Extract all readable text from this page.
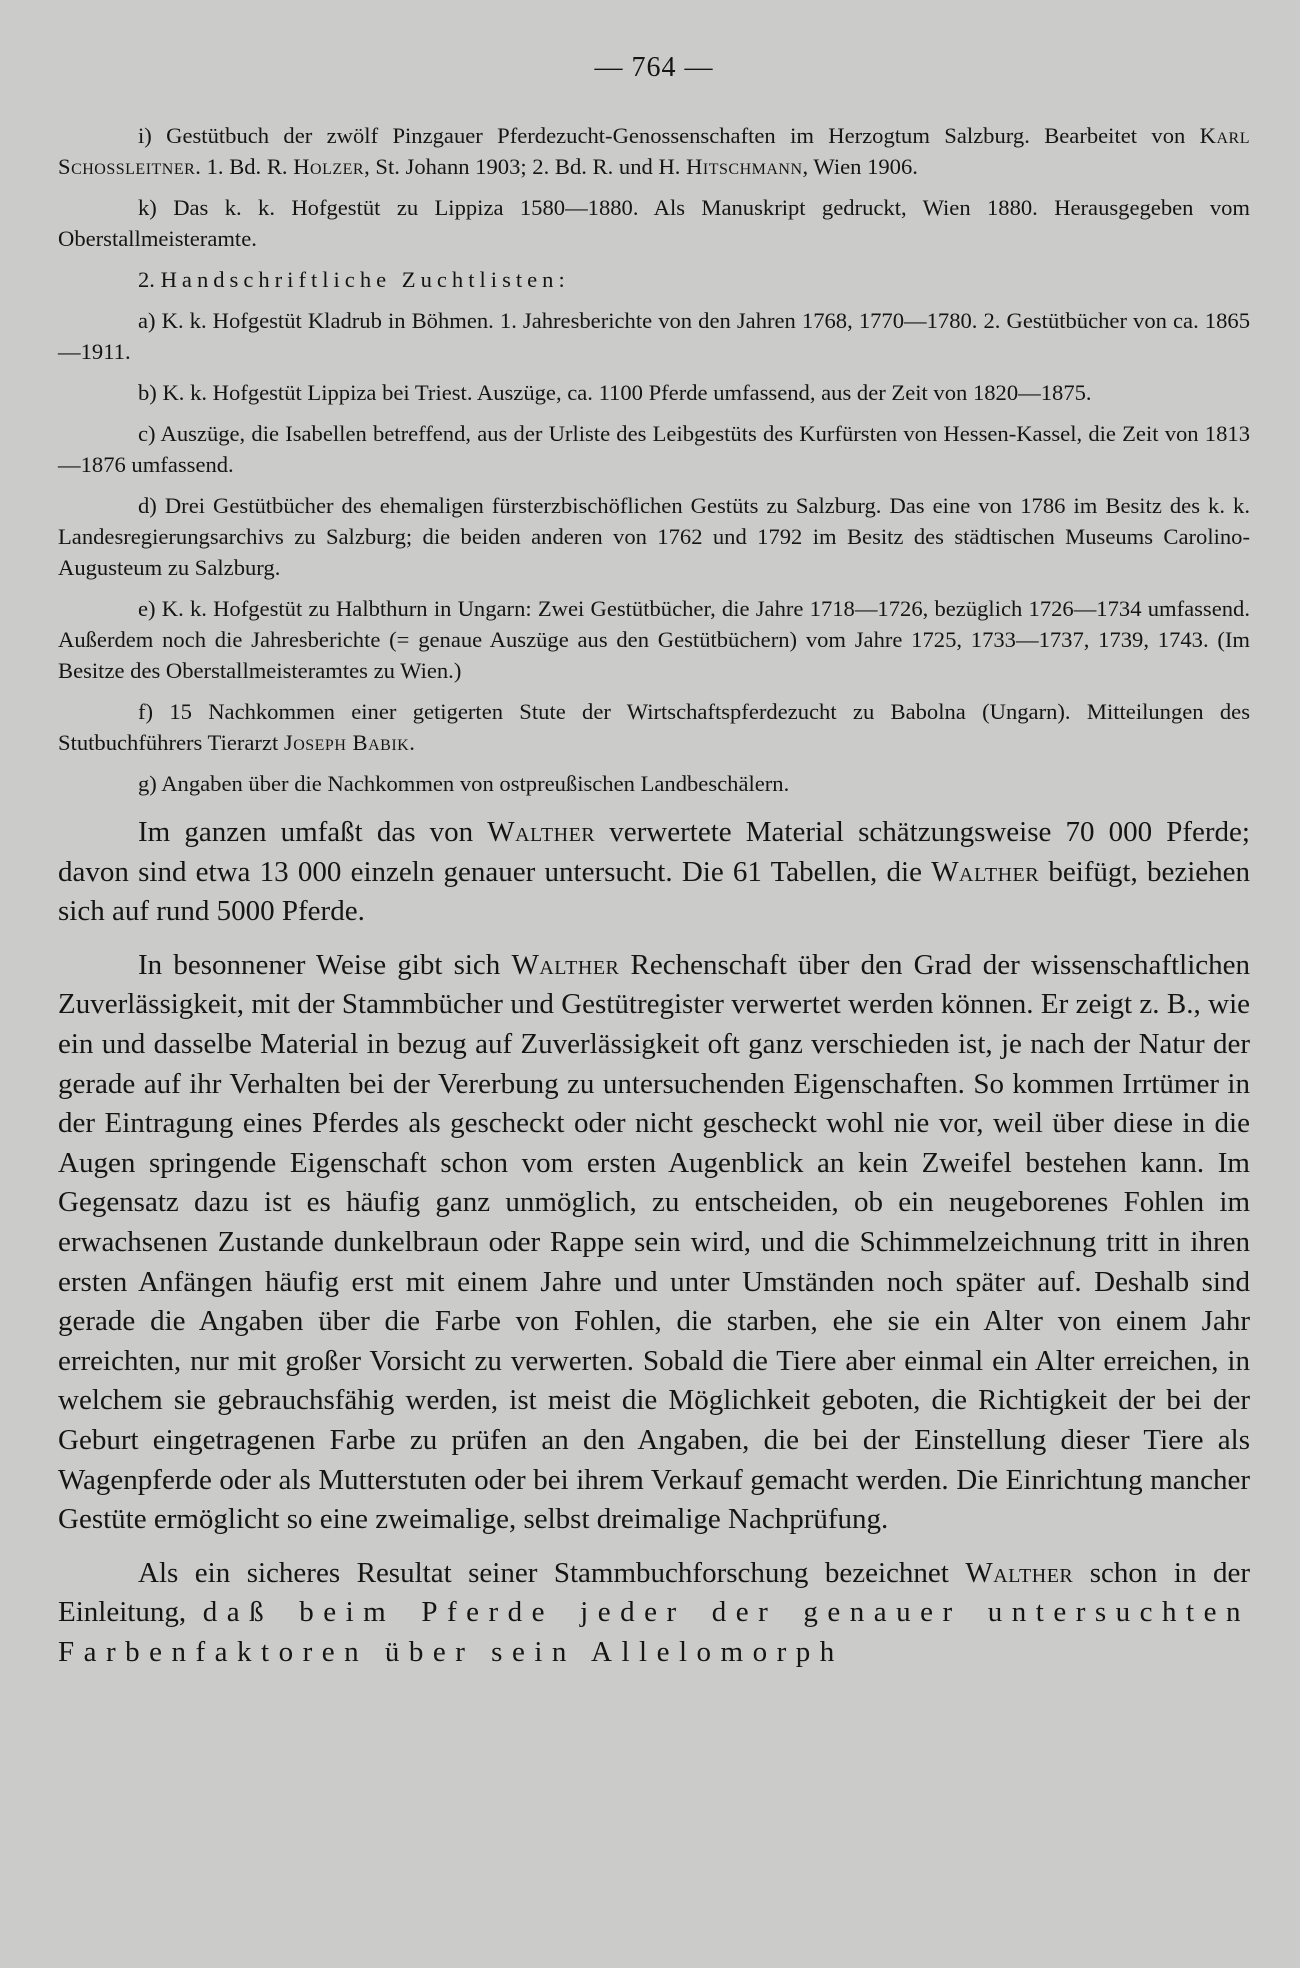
— 764 —

i) Gestütbuch der zwölf Pinzgauer Pferdezucht-Genossenschaften im Herzogtum Salzburg. Bearbeitet von Karl Schossleitner. 1. Bd. R. Holzer, St. Johann 1903; 2. Bd. R. und H. Hitschmann, Wien 1906.

k) Das k. k. Hofgestüt zu Lippiza 1580—1880. Als Manuskript gedruckt, Wien 1880. Herausgegeben vom Oberstallmeisteramte.

2. Handschriftliche Zuchtlisten:

a) K. k. Hofgestüt Kladrub in Böhmen. 1. Jahresberichte von den Jahren 1768, 1770—1780. 2. Gestütbücher von ca. 1865—1911.

b) K. k. Hofgestüt Lippiza bei Triest. Auszüge, ca. 1100 Pferde umfassend, aus der Zeit von 1820—1875.

c) Auszüge, die Isabellen betreffend, aus der Urliste des Leibgestüts des Kurfürsten von Hessen-Kassel, die Zeit von 1813—1876 umfassend.

d) Drei Gestütbücher des ehemaligen fürsterzbischöflichen Gestüts zu Salzburg. Das eine von 1786 im Besitz des k. k. Landesregierungsarchivs zu Salzburg; die beiden anderen von 1762 und 1792 im Besitz des städtischen Museums Carolino-Augusteum zu Salzburg.

e) K. k. Hofgestüt zu Halbthurn in Ungarn: Zwei Gestütbücher, die Jahre 1718—1726, bezüglich 1726—1734 umfassend. Außerdem noch die Jahresberichte (= genaue Auszüge aus den Gestütbüchern) vom Jahre 1725, 1733—1737, 1739, 1743. (Im Besitze des Oberstallmeisteramtes zu Wien.)

f) 15 Nachkommen einer getigerten Stute der Wirtschaftspferdezucht zu Babolna (Ungarn). Mitteilungen des Stutbuchführers Tierarzt Joseph Babik.

g) Angaben über die Nachkommen von ostpreußischen Landbeschälern.

Im ganzen umfaßt das von Walther verwertete Material schätzungsweise 70 000 Pferde; davon sind etwa 13 000 einzeln genauer untersucht. Die 61 Tabellen, die Walther beifügt, beziehen sich auf rund 5000 Pferde.

In besonnener Weise gibt sich Walther Rechenschaft über den Grad der wissenschaftlichen Zuverlässigkeit, mit der Stammbücher und Gestütregister verwertet werden können. Er zeigt z. B., wie ein und dasselbe Material in bezug auf Zuverlässigkeit oft ganz verschieden ist, je nach der Natur der gerade auf ihr Verhalten bei der Vererbung zu untersuchenden Eigenschaften. So kommen Irrtümer in der Eintragung eines Pferdes als gescheckt oder nicht gescheckt wohl nie vor, weil über diese in die Augen springende Eigenschaft schon vom ersten Augenblick an kein Zweifel bestehen kann. Im Gegensatz dazu ist es häufig ganz unmöglich, zu entscheiden, ob ein neugeborenes Fohlen im erwachsenen Zustande dunkelbraun oder Rappe sein wird, und die Schimmelzeichnung tritt in ihren ersten Anfängen häufig erst mit einem Jahre und unter Umständen noch später auf. Deshalb sind gerade die Angaben über die Farbe von Fohlen, die starben, ehe sie ein Alter von einem Jahr erreichten, nur mit großer Vorsicht zu verwerten. Sobald die Tiere aber einmal ein Alter erreichen, in welchem sie gebrauchsfähig werden, ist meist die Möglichkeit geboten, die Richtigkeit der bei der Geburt eingetragenen Farbe zu prüfen an den Angaben, die bei der Einstellung dieser Tiere als Wagenpferde oder als Mutterstuten oder bei ihrem Verkauf gemacht werden. Die Einrichtung mancher Gestüte ermöglicht so eine zweimalige, selbst dreimalige Nachprüfung.

Als ein sicheres Resultat seiner Stammbuchforschung bezeichnet Walther schon in der Einleitung, daß beim Pferde jeder der genauer untersuchten Farbenfaktoren über sein Allelomorph
